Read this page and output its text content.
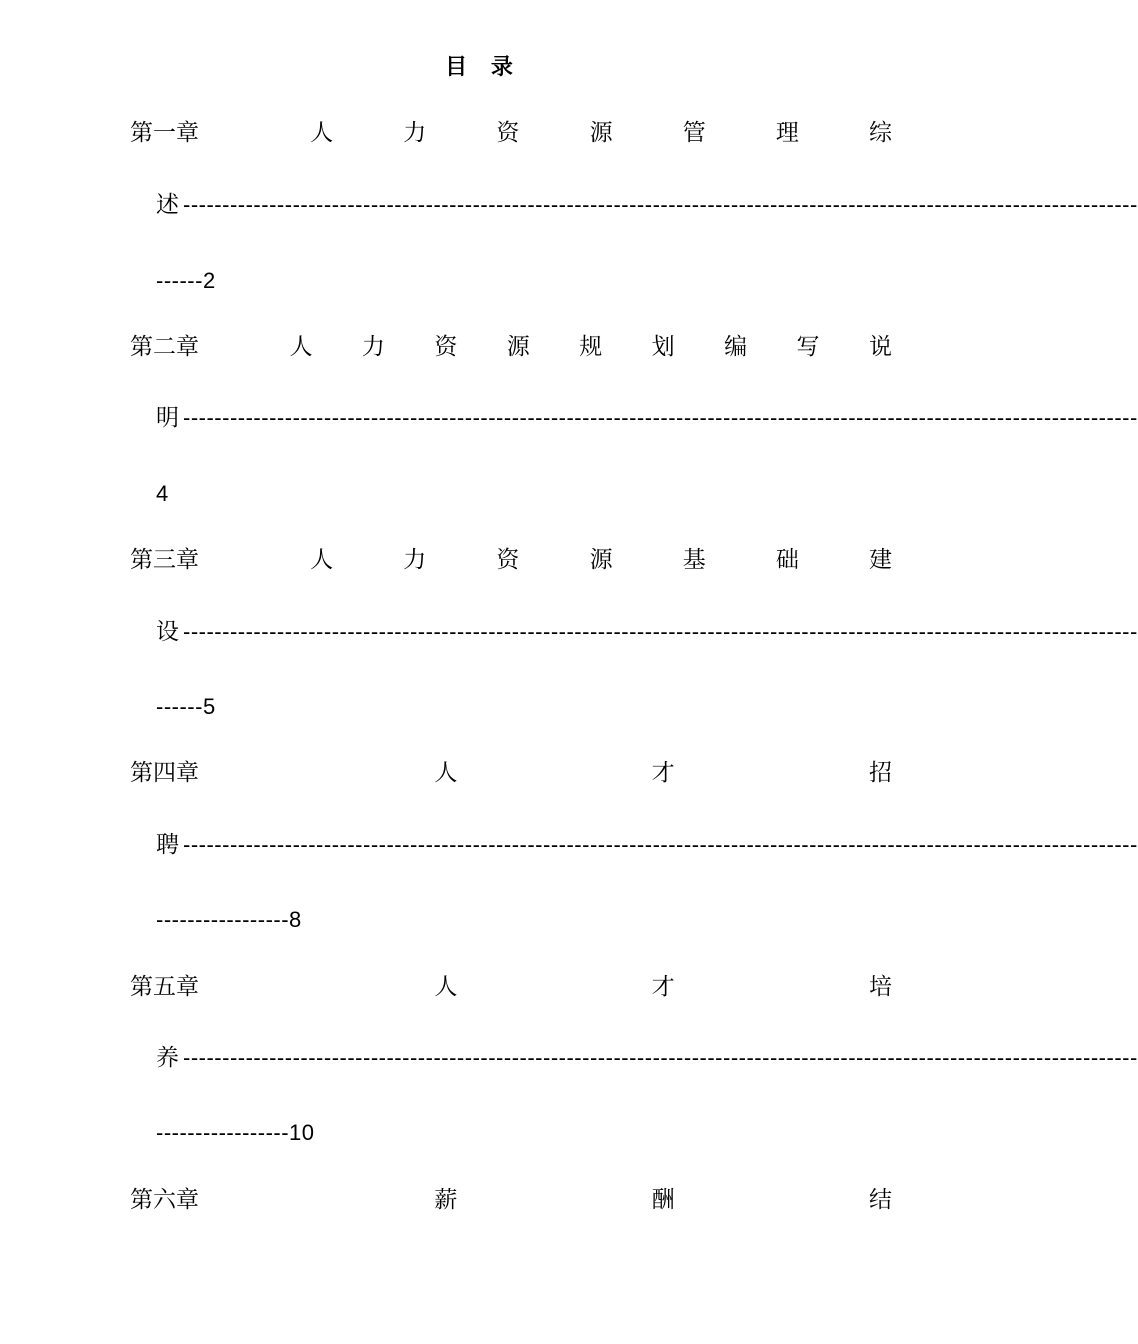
目 录
第一章	人	力	资	源	管	理	综
述 --------------------------------------------------------------------------------------------------------------------------
------2
第二章	人 力 资 源 规 划 编 写 说
明 --------------------------------------------------------------------------------------------------------------------------
4
第三章	人	力	资	源	基	础	建
设 --------------------------------------------------------------------------------------------------------------------------
------5
第四章	人	才	招
聘 --------------------------------------------------------------------------------------------------------------------------
-----------------8
第五章	人	才	培
养 --------------------------------------------------------------------------------------------------------------------------
-----------------10
第六章	薪	酬	结
